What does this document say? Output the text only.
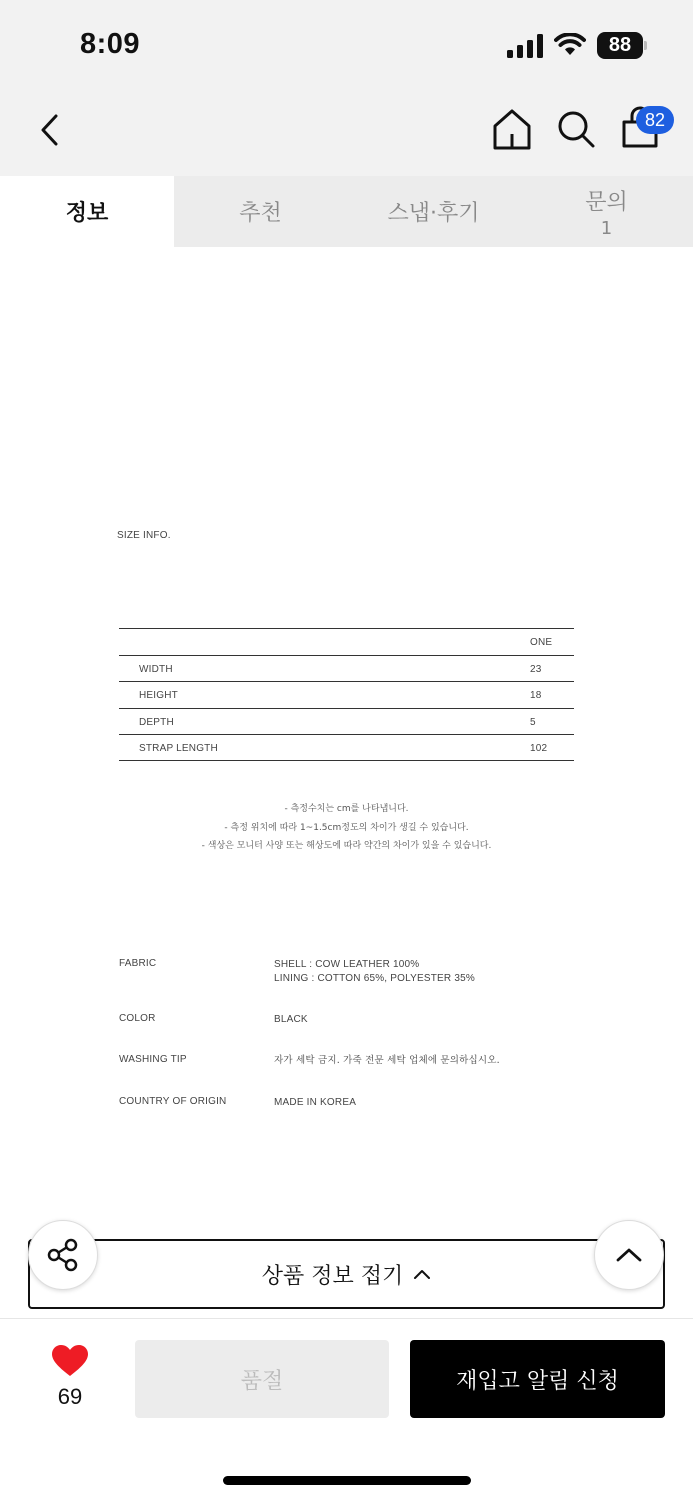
8:09	88
82
정보	추천	스냅·후기	문의
1
SIZE INFO.
ONE
WIDTH	23
HEIGHT	18
DEPTH	5
STRAP LENGTH	102
- 측정수치는 cm를 나타냅니다.
- 측정 위치에 따라 1~1.5cm정도의 차이가 생길 수 있습니다.
- 색상은 모니터 사양 또는 해상도에 따라 약간의 차이가 있을 수 있습니다.
FABRIC	SHELL : COW LEATHER 100%
LINING : COTTON 65%, POLYESTER 35%
COLOR	BLACK
WASHING TIP	자가 세탁 금지. 가죽 전문 세탁 업체에 문의하십시오.
COUNTRY OF ORIGIN	MADE IN KOREA
상품 정보 접기
69
품절	재입고 알림 신청
